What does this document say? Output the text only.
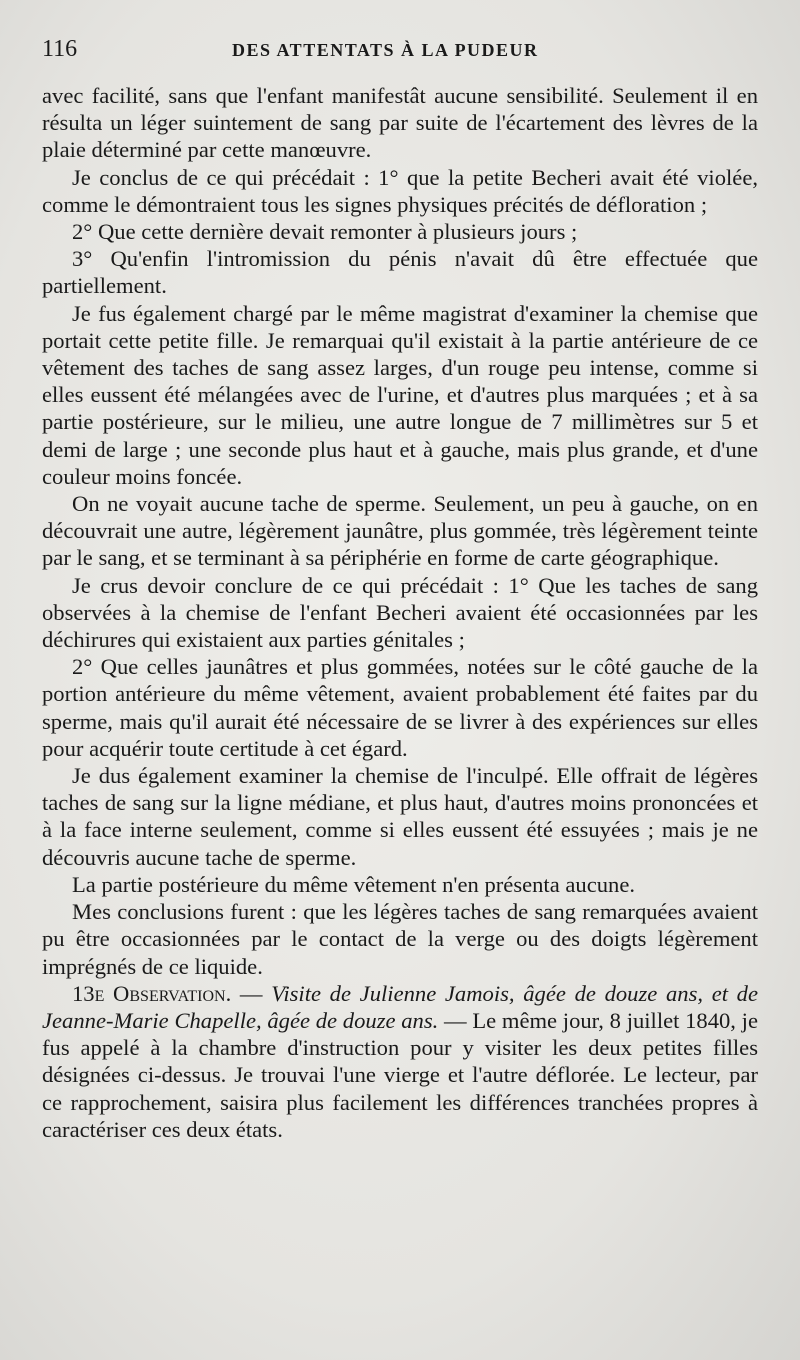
116	DES ATTENTATS À LA PUDEUR

avec facilité, sans que l'enfant manifestât aucune sensibilité. Seulement il en résulta un léger suintement de sang par suite de l'écartement des lèvres de la plaie déterminé par cette manœuvre.

Je conclus de ce qui précédait : 1° que la petite Becheri avait été violée, comme le démontraient tous les signes physiques précités de défloration ;

2° Que cette dernière devait remonter à plusieurs jours ;

3° Qu'enfin l'intromission du pénis n'avait dû être effectuée que partiellement.

Je fus également chargé par le même magistrat d'examiner la chemise que portait cette petite fille. Je remarquai qu'il existait à la partie antérieure de ce vêtement des taches de sang assez larges, d'un rouge peu intense, comme si elles eussent été mélangées avec de l'urine, et d'autres plus marquées ; et à sa partie postérieure, sur le milieu, une autre longue de 7 millimètres sur 5 et demi de large ; une seconde plus haut et à gauche, mais plus grande, et d'une couleur moins foncée.

On ne voyait aucune tache de sperme. Seulement, un peu à gauche, on en découvrait une autre, légèrement jaunâtre, plus gommée, très légèrement teinte par le sang, et se terminant à sa périphérie en forme de carte géographique.

Je crus devoir conclure de ce qui précédait : 1° Que les taches de sang observées à la chemise de l'enfant Becheri avaient été occasionnées par les déchirures qui existaient aux parties génitales ;

2° Que celles jaunâtres et plus gommées, notées sur le côté gauche de la portion antérieure du même vêtement, avaient probablement été faites par du sperme, mais qu'il aurait été nécessaire de se livrer à des expériences sur elles pour acquérir toute certitude à cet égard.

Je dus également examiner la chemise de l'inculpé. Elle offrait de légères taches de sang sur la ligne médiane, et plus haut, d'autres moins prononcées et à la face interne seulement, comme si elles eussent été essuyées ; mais je ne découvris aucune tache de sperme.

La partie postérieure du même vêtement n'en présenta aucune.

Mes conclusions furent : que les légères taches de sang remarquées avaient pu être occasionnées par le contact de la verge ou des doigts légèrement imprégnés de ce liquide.

13e Observation. — Visite de Julienne Jamois, âgée de douze ans, et de Jeanne-Marie Chapelle, âgée de douze ans. — Le même jour, 8 juillet 1840, je fus appelé à la chambre d'instruction pour y visiter les deux petites filles désignées ci-dessus. Je trouvai l'une vierge et l'autre déflorée. Le lecteur, par ce rapprochement, saisira plus facilement les différences tranchées propres à caractériser ces deux états.
